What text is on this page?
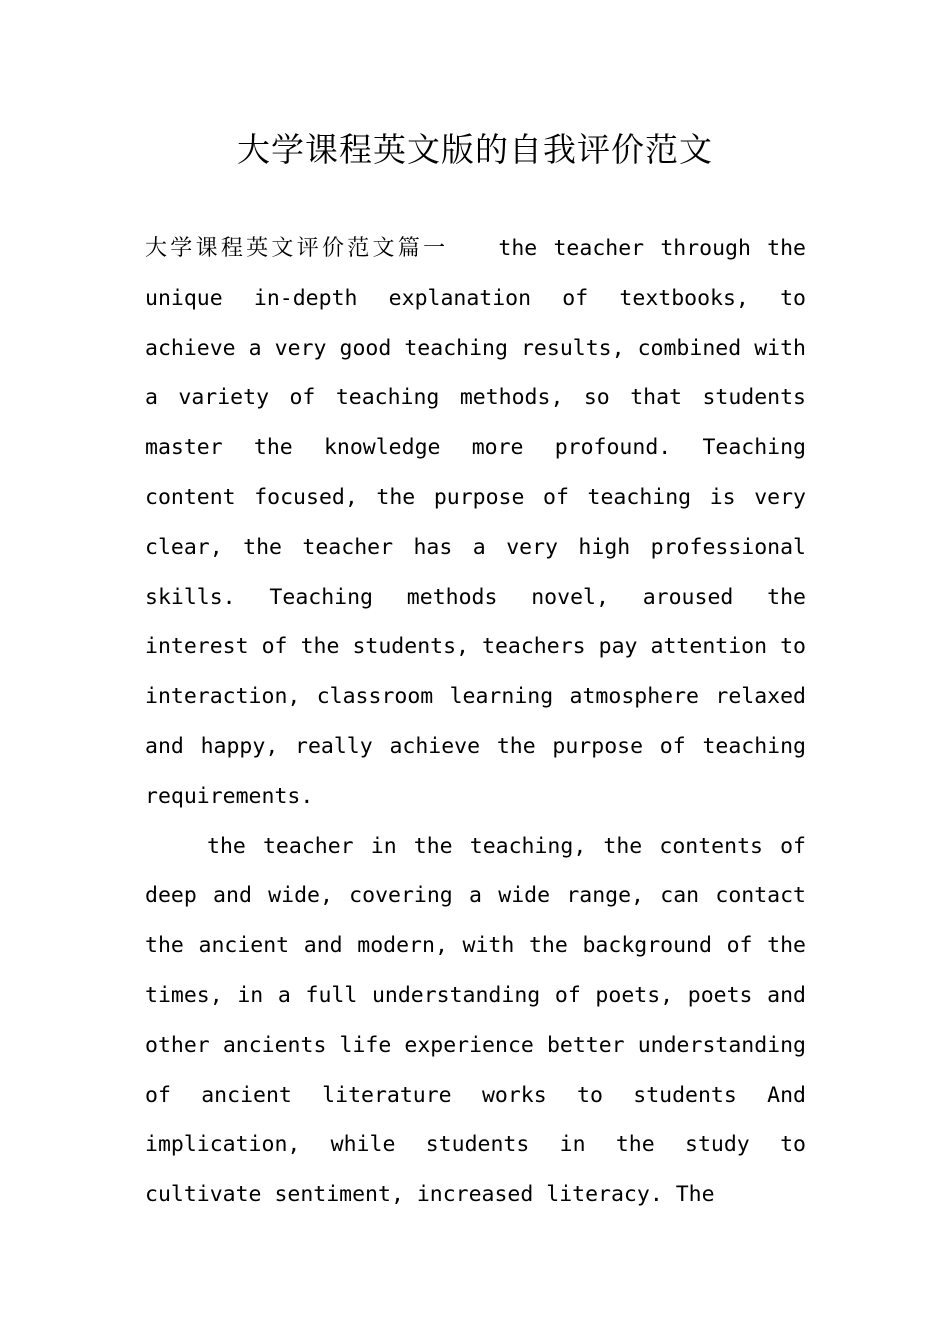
大学课程英文版的自我评价范文

大学课程英文评价范文篇一 the teacher through the unique in-depth explanation of textbooks, to achieve a very good teaching results, combined with a variety of teaching methods, so that students master the knowledge more profound. Teaching content focused, the purpose of teaching is very clear, the teacher has a very high professional skills. Teaching methods novel, aroused the interest of the students, teachers pay attention to interaction, classroom learning atmosphere relaxed and happy, really achieve the purpose of teaching requirements.

the teacher in the teaching, the contents of deep and wide, covering a wide range, can contact the ancient and modern, with the background of the times, in a full understanding of poets, poets and other ancients life experience better understanding of ancient literature works to students And implication, while students in the study to cultivate sentiment, increased literacy. The
